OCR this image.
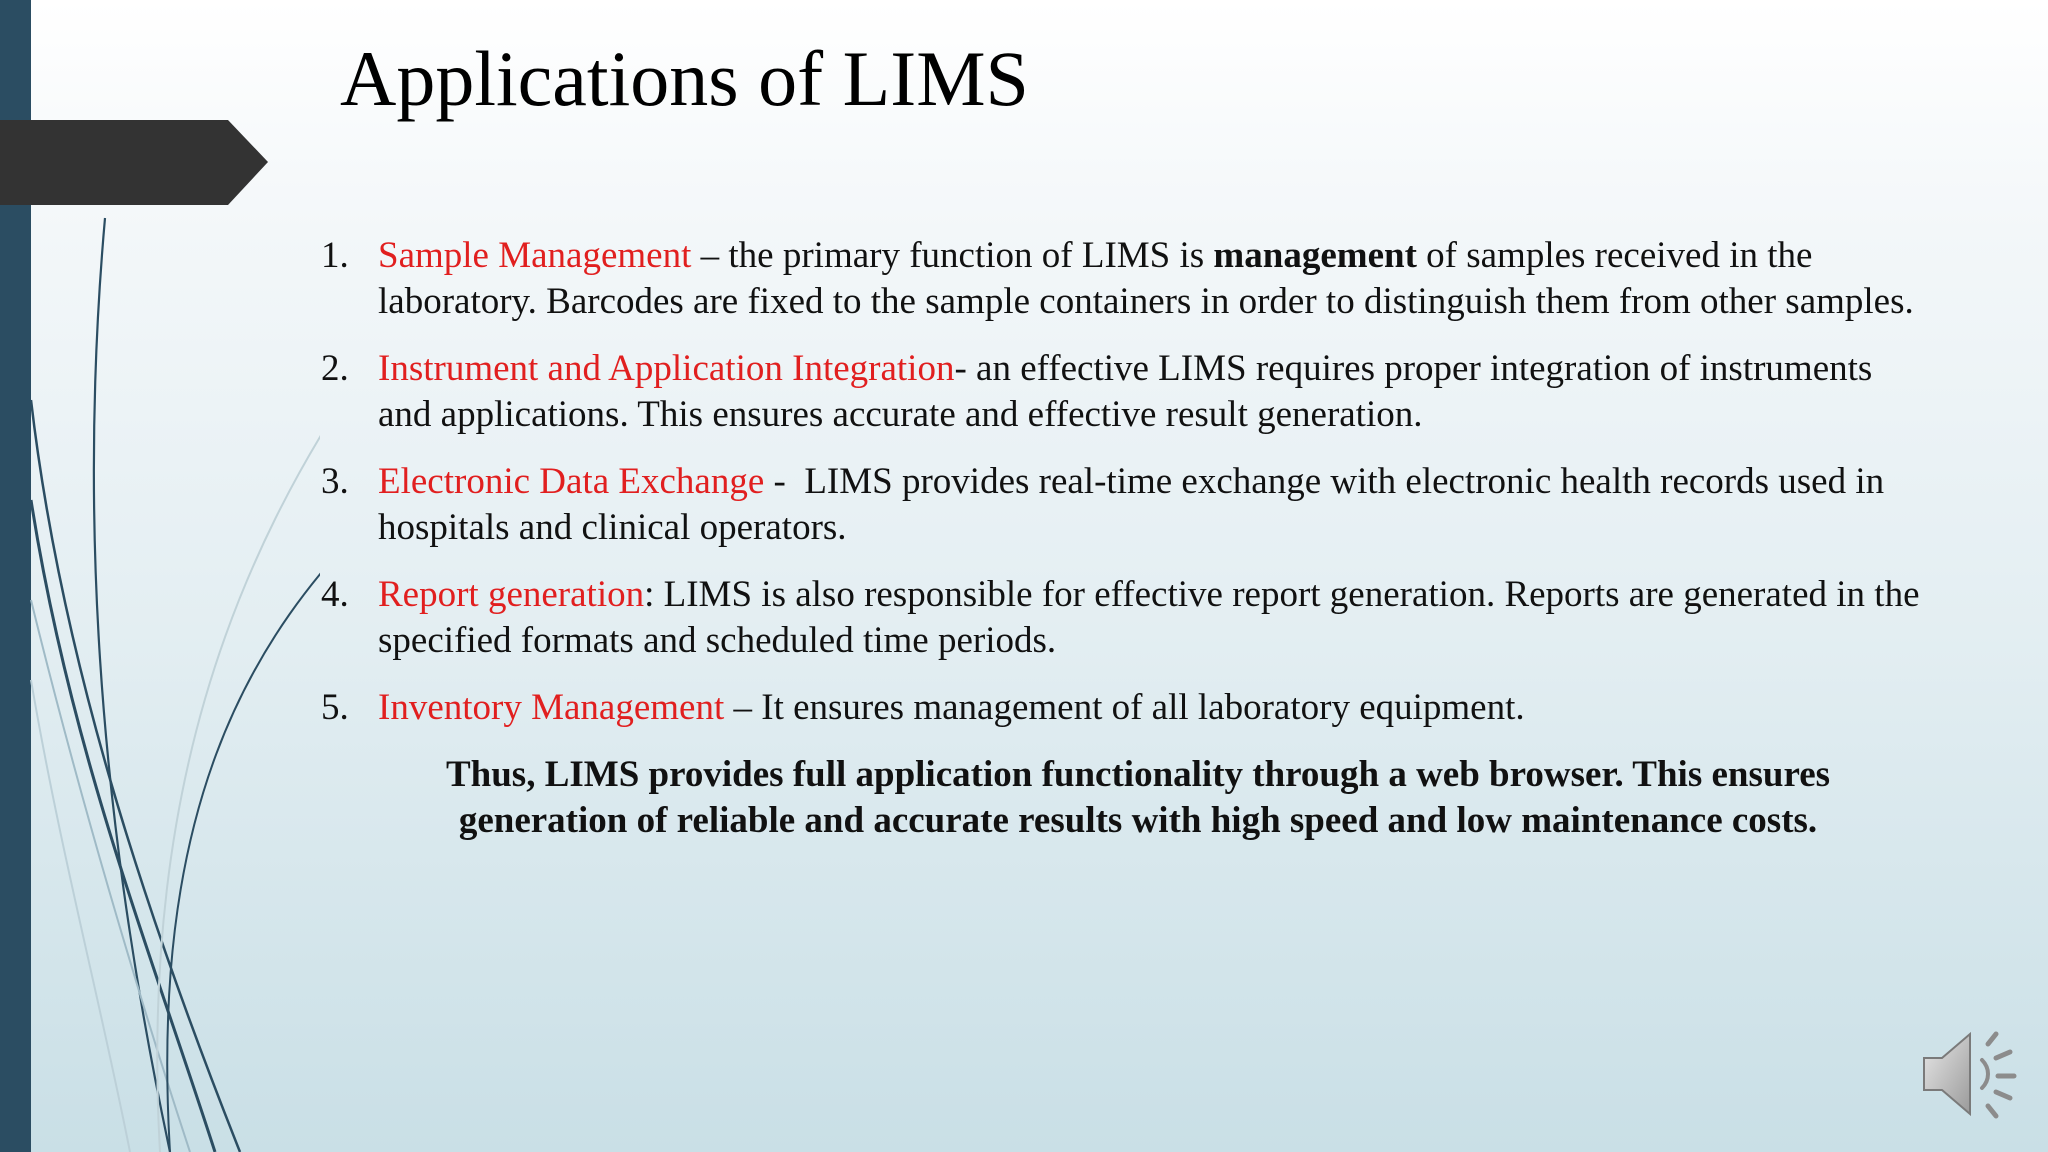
Applications of LIMS
1. Sample Management – the primary function of LIMS is management of samples received in the laboratory. Barcodes are fixed to the sample containers in order to distinguish them from other samples.
2. Instrument and Application Integration- an effective LIMS requires proper integration of instruments and applications. This ensures accurate and effective result generation.
3. Electronic Data Exchange -  LIMS provides real-time exchange with electronic health records used in hospitals and clinical operators.
4. Report generation: LIMS is also responsible for effective report generation. Reports are generated in the specified formats and scheduled time periods.
5. Inventory Management – It ensures management of all laboratory equipment.

Thus, LIMS provides full application functionality through a web browser. This ensures generation of reliable and accurate results with high speed and low maintenance costs.
